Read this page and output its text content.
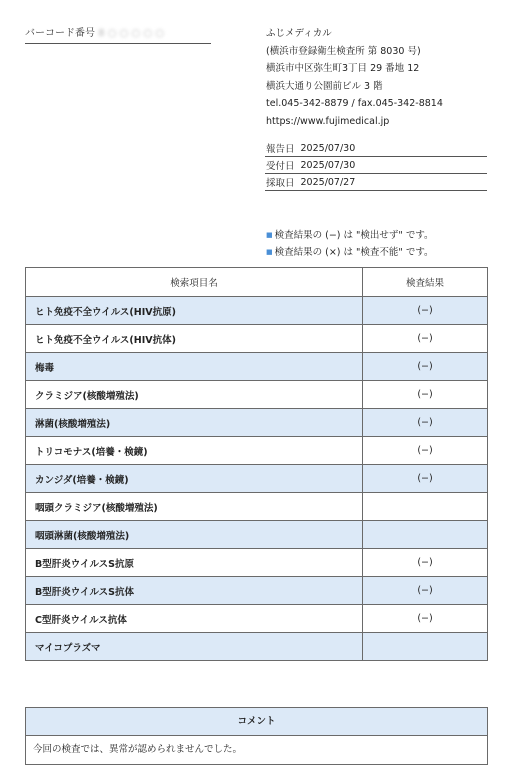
バーコード番号 8 ○ ○ ○ ○ ○	ふじメディカル
(横浜市登録衛生検査所 第 8030 号)
横浜市中区弥生町3丁目 29 番地 12
横浜大通り公園前ビル 3 階
tel.045-342-8879 / fax.045-342-8814
https://www.fujimedical.jp
報告日 2025/07/30
受付日 2025/07/30
採取日 2025/07/27
■ 検査結果の (−) は "検出せず" です。
■ 検査結果の (×) は "検査不能" です。
検索項目名	検査結果
ヒト免疫不全ウイルス(HIV抗原)	(−)
ヒト免疫不全ウイルス(HIV抗体)	(−)
梅毒	(−)
クラミジア(核酸増殖法)	(−)
淋菌(核酸増殖法)	(−)
トリコモナス(培養・検鏡)	(−)
カンジダ(培養・検鏡)	(−)
咽頭クラミジア(核酸増殖法)	
咽頭淋菌(核酸増殖法)	
B型肝炎ウイルスS抗原	(−)
B型肝炎ウイルスS抗体	(−)
C型肝炎ウイルス抗体	(−)
マイコプラズマ	
コメント
今回の検査では、異常が認められませんでした。
